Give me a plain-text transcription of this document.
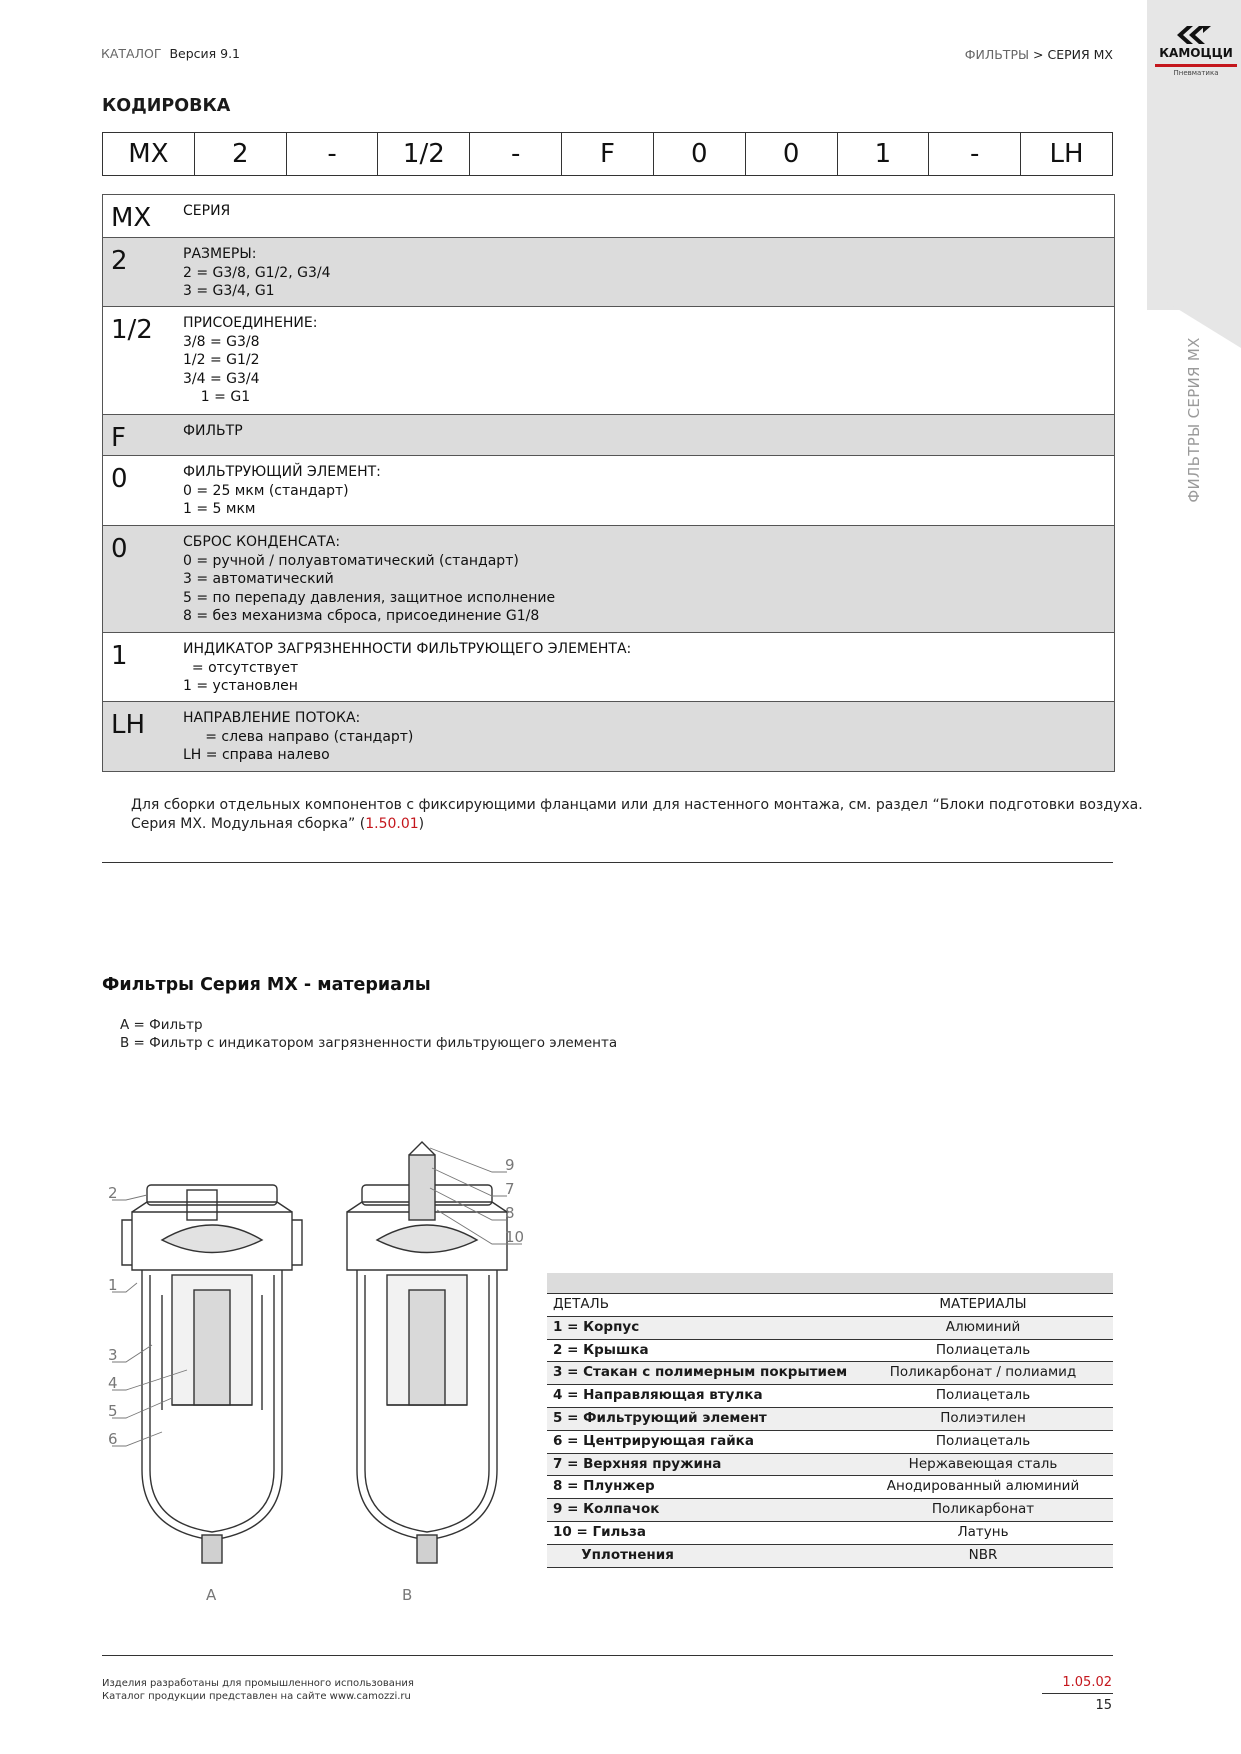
КАТАЛОГ Версия 9.1	ФИЛЬТРЫ > СЕРИЯ MX	КАМОЦЦИ
Пневматика
ФИЛЬТРЫ СЕРИЯ MX
КОДИРОВКА
MX	2	-	1/2	-	F	0	0	1	-	LH
MX СЕРИЯ
2	РАЗМЕРЫ:
2 = G3/8, G1/2, G3/4
3 = G3/4, G1
1/2 ПРИСОЕДИНЕНИЕ:
3/8 = G3/8
1/2 = G1/2
3/4 = G3/4
1 = G1
F	ФИЛЬТР
0	ФИЛЬТРУЮЩИЙ ЭЛЕМЕНТ:
0 = 25 мкм (стандарт)
1 = 5 мкм
0	СБРОС КОНДЕНСАТА:
0 = ручной / полуавтоматический (стандарт)
3 = автоматический
5 = по перепаду давления, защитное исполнение
8 = без механизма сброса, присоединение G1/8
1	ИНДИКАТОР ЗАГРЯЗНЕННОСТИ ФИЛЬТРУЮЩЕГО ЭЛЕМЕНТА:
= отсутствует
1 = установлен
LH	НАПРАВЛЕНИЕ ПОТОКА:
= слева направо (стандарт)
LH = справа налево
Для сборки отдельных компонентов с фиксирующими фланцами или для настенного монтажа, см. раздел “Блоки подготовки воздуха.
Серия MX. Модульная сборка” (1.50.01)
Фильтры Серия MX - материалы
A = Фильтр
B = Фильтр с индикатором загрязненности фильтрующего элемента
2
1
3
4
5
6
9
7
8
10
A	B
ДЕТАЛЬ	МАТЕРИАЛЫ
1 = Корпус	Алюминий
2 = Крышка	Полиацеталь
3 = Стакан с полимерным покрытием	Поликарбонат / полиамид
4 = Направляющая втулка	Полиацеталь
5 = Фильтрующий элемент	Полиэтилен
6 = Центрирующая гайка	Полиацеталь
7 = Верхняя пружина	Нержавеющая сталь
8 = Плунжер	Анодированный алюминий
9 = Колпачок	Поликарбонат
10 = Гильза	Латунь
Уплотнения	NBR
Изделия разработаны для промышленного использования
Каталог продукции представлен на сайте www.camozzi.ru
1.05.02
15
